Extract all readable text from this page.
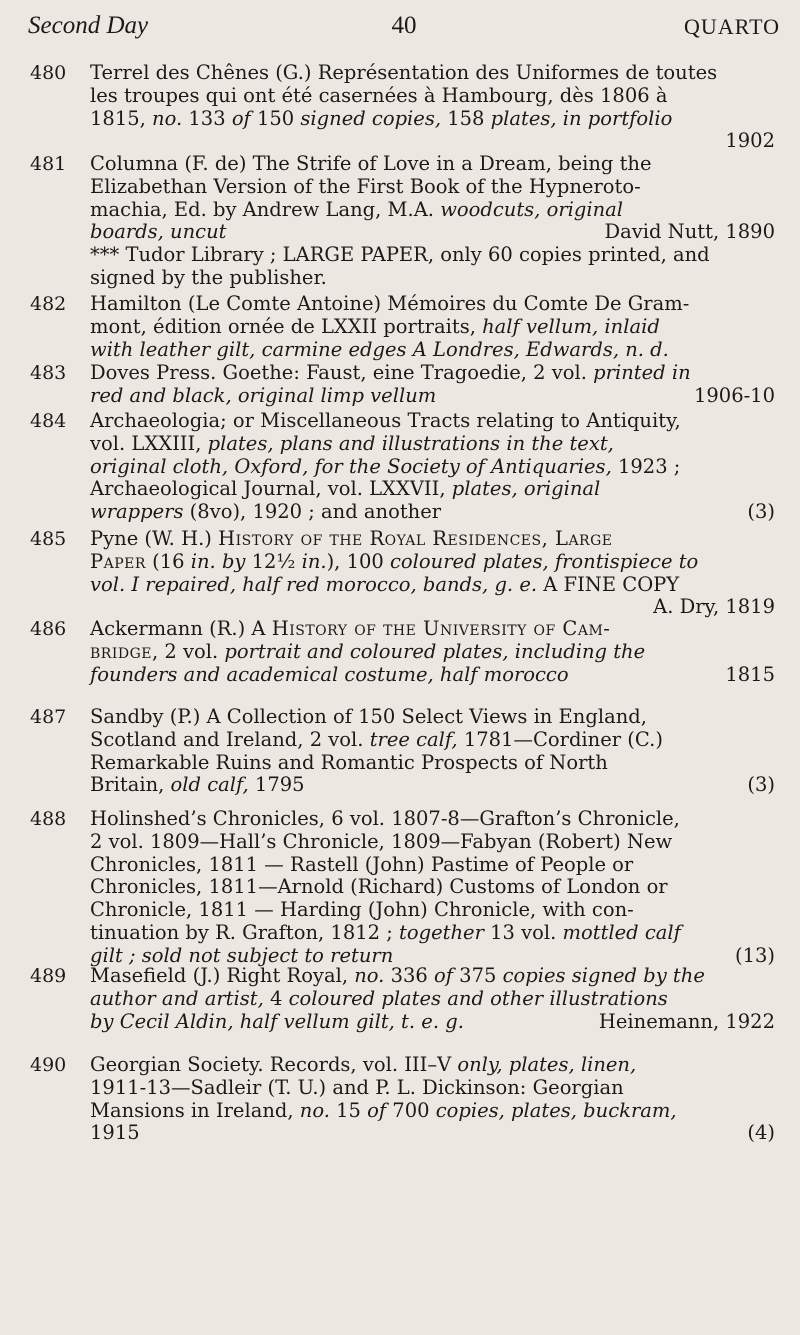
Second Day	40	QUARTO
480	Terrel des Chênes (G.) Représentation des Uniformes de toutes
les troupes qui ont été casernées à Hambourg, dès 1806 à
1815, no. 133 of 150 signed copies, 158 plates, in portfolio
1902
481	Columna (F. de) The Strife of Love in a Dream, being the
Elizabethan Version of the First Book of the Hypneroto-
machia, Ed. by Andrew Lang, M.A. woodcuts, original
boards, uncut	David Nutt, 1890
*** Tudor Library ; LARGE PAPER, only 60 copies printed, and
signed by the publisher.
482	Hamilton (Le Comte Antoine) Mémoires du Comte De Gram-
mont, édition ornée de LXXII portraits, half vellum, inlaid
with leather gilt, carmine edges A Londres, Edwards, n. d.
483	Doves Press. Goethe: Faust, eine Tragoedie, 2 vol. printed in
red and black, original limp vellum	1906-10
484	Archaeologia; or Miscellaneous Tracts relating to Antiquity,
vol. LXXIII, plates, plans and illustrations in the text,
original cloth, Oxford, for the Society of Antiquaries, 1923 ;
Archaeological Journal, vol. LXXVII, plates, original
wrappers (8vo), 1920 ; and another	(3)
485	Pyne (W. H.) History of the Royal Residences, Large
Paper (16 in. by 12½ in.), 100 coloured plates, frontispiece to
vol. I repaired, half red morocco, bands, g. e. A FINE COPY
A. Dry, 1819
486	Ackermann (R.) A History of the University of Cam-
bridge, 2 vol. portrait and coloured plates, including the
founders and academical costume, half morocco	1815
487	Sandby (P.) A Collection of 150 Select Views in England,
Scotland and Ireland, 2 vol. tree calf, 1781—Cordiner (C.)
Remarkable Ruins and Romantic Prospects of North
Britain, old calf, 1795	(3)
488	Holinshed’s Chronicles, 6 vol. 1807-8—Grafton’s Chronicle,
2 vol. 1809—Hall’s Chronicle, 1809—Fabyan (Robert) New
Chronicles, 1811 — Rastell (John) Pastime of People or
Chronicles, 1811—Arnold (Richard) Customs of London or
Chronicle, 1811 — Harding (John) Chronicle, with con-
tinuation by R. Grafton, 1812 ; together 13 vol. mottled calf
gilt ; sold not subject to return	(13)
489	Masefield (J.) Right Royal, no. 336 of 375 copies signed by the
author and artist, 4 coloured plates and other illustrations
by Cecil Aldin, half vellum gilt, t. e. g.	Heinemann, 1922
490	Georgian Society. Records, vol. III–V only, plates, linen,
1911-13—Sadleir (T. U.) and P. L. Dickinson: Georgian
Mansions in Ireland, no. 15 of 700 copies, plates, buckram,
1915	(4)
